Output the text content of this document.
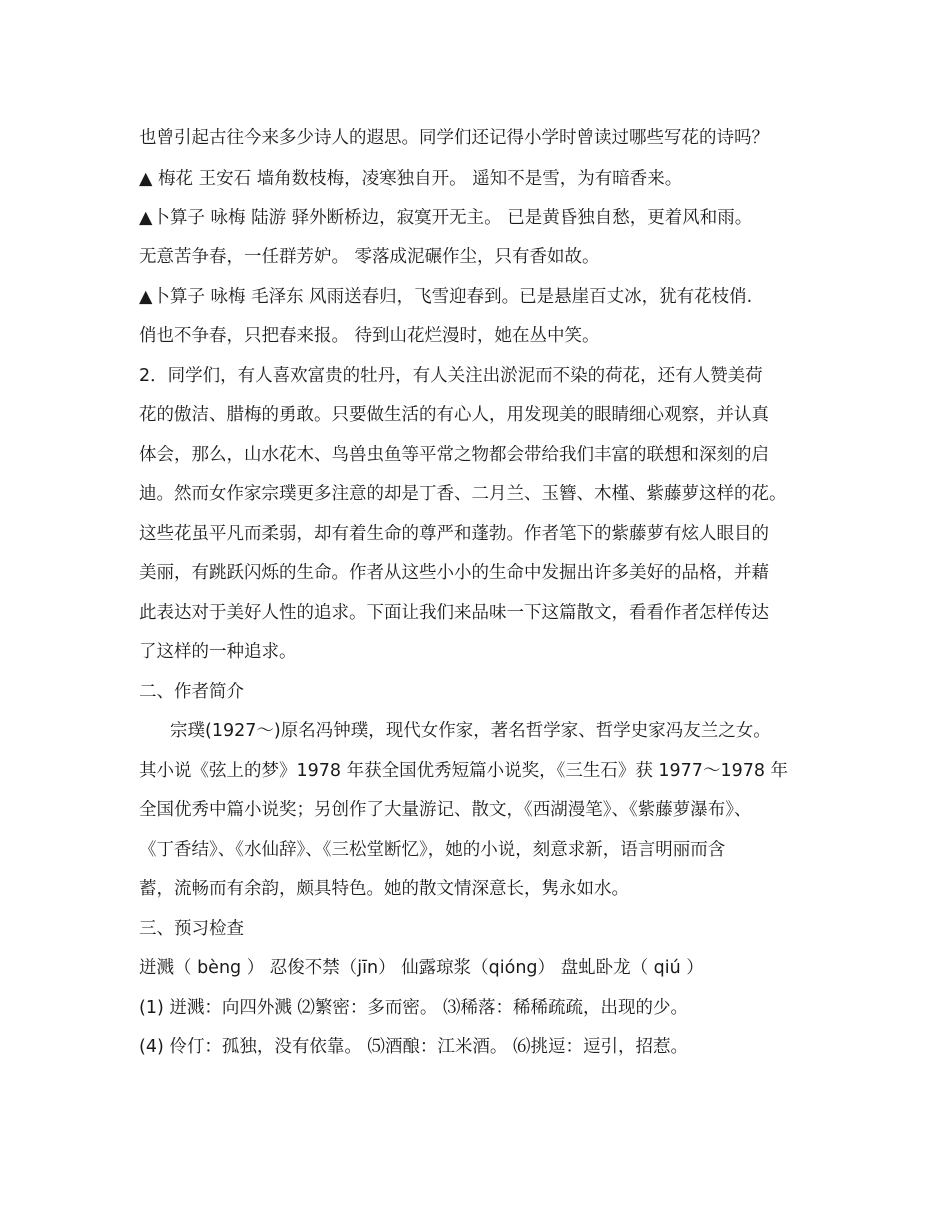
也曾引起古往今来多少诗人的遐思。同学们还记得小学时曾读过哪些写花的诗吗？
▲ 梅花 王安石 墙角数枝梅，凌寒独自开。 遥知不是雪，为有暗香来。
▲卜算子 咏梅 陆游 驿外断桥边，寂寞开无主。 已是黄昏独自愁，更着风和雨。
无意苦争春，一任群芳妒。 零落成泥碾作尘，只有香如故。
▲卜算子 咏梅 毛泽东 风雨送春归，飞雪迎春到。已是悬崖百丈冰，犹有花枝俏.
俏也不争春，只把春来报。 待到山花烂漫时，她在丛中笑。
2．同学们，有人喜欢富贵的牡丹，有人关注出淤泥而不染的荷花，还有人赞美荷
花的傲洁、腊梅的勇敢。只要做生活的有心人，用发现美的眼睛细心观察，并认真
体会，那么，山水花木、鸟兽虫鱼等平常之物都会带给我们丰富的联想和深刻的启
迪。然而女作家宗璞更多注意的却是丁香、二月兰、玉簪、木槿、紫藤萝这样的花。
这些花虽平凡而柔弱，却有着生命的尊严和蓬勃。作者笔下的紫藤萝有炫人眼目的
美丽，有跳跃闪烁的生命。作者从这些小小的生命中发掘出许多美好的品格，并藉
此表达对于美好人性的追求。下面让我们来品味一下这篇散文，看看作者怎样传达
了这样的一种追求。
二、作者简介
宗璞(1927～)原名冯钟璞，现代女作家，著名哲学家、哲学史家冯友兰之女。
其小说《弦上的梦》1978 年获全国优秀短篇小说奖，《三生石》获 1977～1978 年
全国优秀中篇小说奖；另创作了大量游记、散文，《西湖漫笔》、《紫藤萝瀑布》、
《丁香结》、《水仙辞》、《三松堂断忆》，她的小说，刻意求新，语言明丽而含
蓄，流畅而有余韵，颇具特色。她的散文情深意长，隽永如水。
三、预习检查
迸溅（ bèng ） 忍俊不禁（jīn） 仙露琼浆（qióng） 盘虬卧龙（ qiú ）
(1) 迸溅：向四外溅 ⑵繁密：多而密。 ⑶稀落：稀稀疏疏，出现的少。
(4) 伶仃：孤独，没有依靠。 ⑸酒酿：江米酒。 ⑹挑逗：逗引，招惹。
